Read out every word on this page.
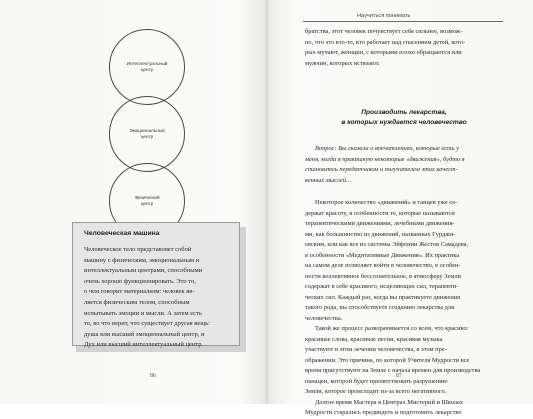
Интеллектуальный
центр
Эмоциональный
центр
Физический
центр
Человеческая машина
Человеческое тело представляет собой
машину с физическим, эмоциональным и
интеллектуальным центрами, способными
очень хорошо функционировать. Это то,
о чем говорит материализм: человек яв-
ляется физическим телом, способным
испытывать эмоции и мысли. А затем есть
то, во что верит, что существует другая вещь:
душа или высший эмоциональный центр, и
Дух или высший интеллектуальный центр.
86
Научиться понимать
братства, этот человек почувствует себя сильнее, возмож-
но, что это кто-то, кто работает над спасением детей, кото-
рых мучают, женщин, с которыми плохо обращаются или
мужчин, которых истязают.
Производить лекарства,
в которых нуждается человечество
Вопрос: Вы сказали о впечатлениях, которые есть у
меня, когда я практикую некоторые «движения», будто я
становлюсь передатчиком и получателем этих качест-
венных мыслей…
Некоторое количество «движений» и танцев уже со-
держат красоту, в особенности те, которые называются
терапевтическими движениями, лечебными движения-
ми, как большинство из движений, названных Гурджи-
евским, или как все из системы Эйфонии Жестов Самадева,
в особенности «Медитативные Движения». Их практика
на самом деле позволяет войти в человечество, в особен-
ности коллективное бессознательное, в атмосферу Земли
содержат в себе красивого, исцеляющих сил, терапевти-
ческих сил. Каждый раз, когда вы практикуете движения
такого рода, вы способствуете созданию лекарства для
человечества.
Такой же процесс разворачивается со всем, что красиво:
красивые слова, красивые песни, красивая музыка
участвуют в этом лечении человечества, в этом пре-
ображении. Это причина, по которой Учителя Мудрости все
время присутствуют на Земле с начала времен для производства
панацеи, которой будет препятствовать разрушению
Земли, которое происходит из-за всего негативного.
Долгое время Мастера в Центрах Мистерий и Школах
Мудрости старались предвидеть и подготовить лекарство
87
